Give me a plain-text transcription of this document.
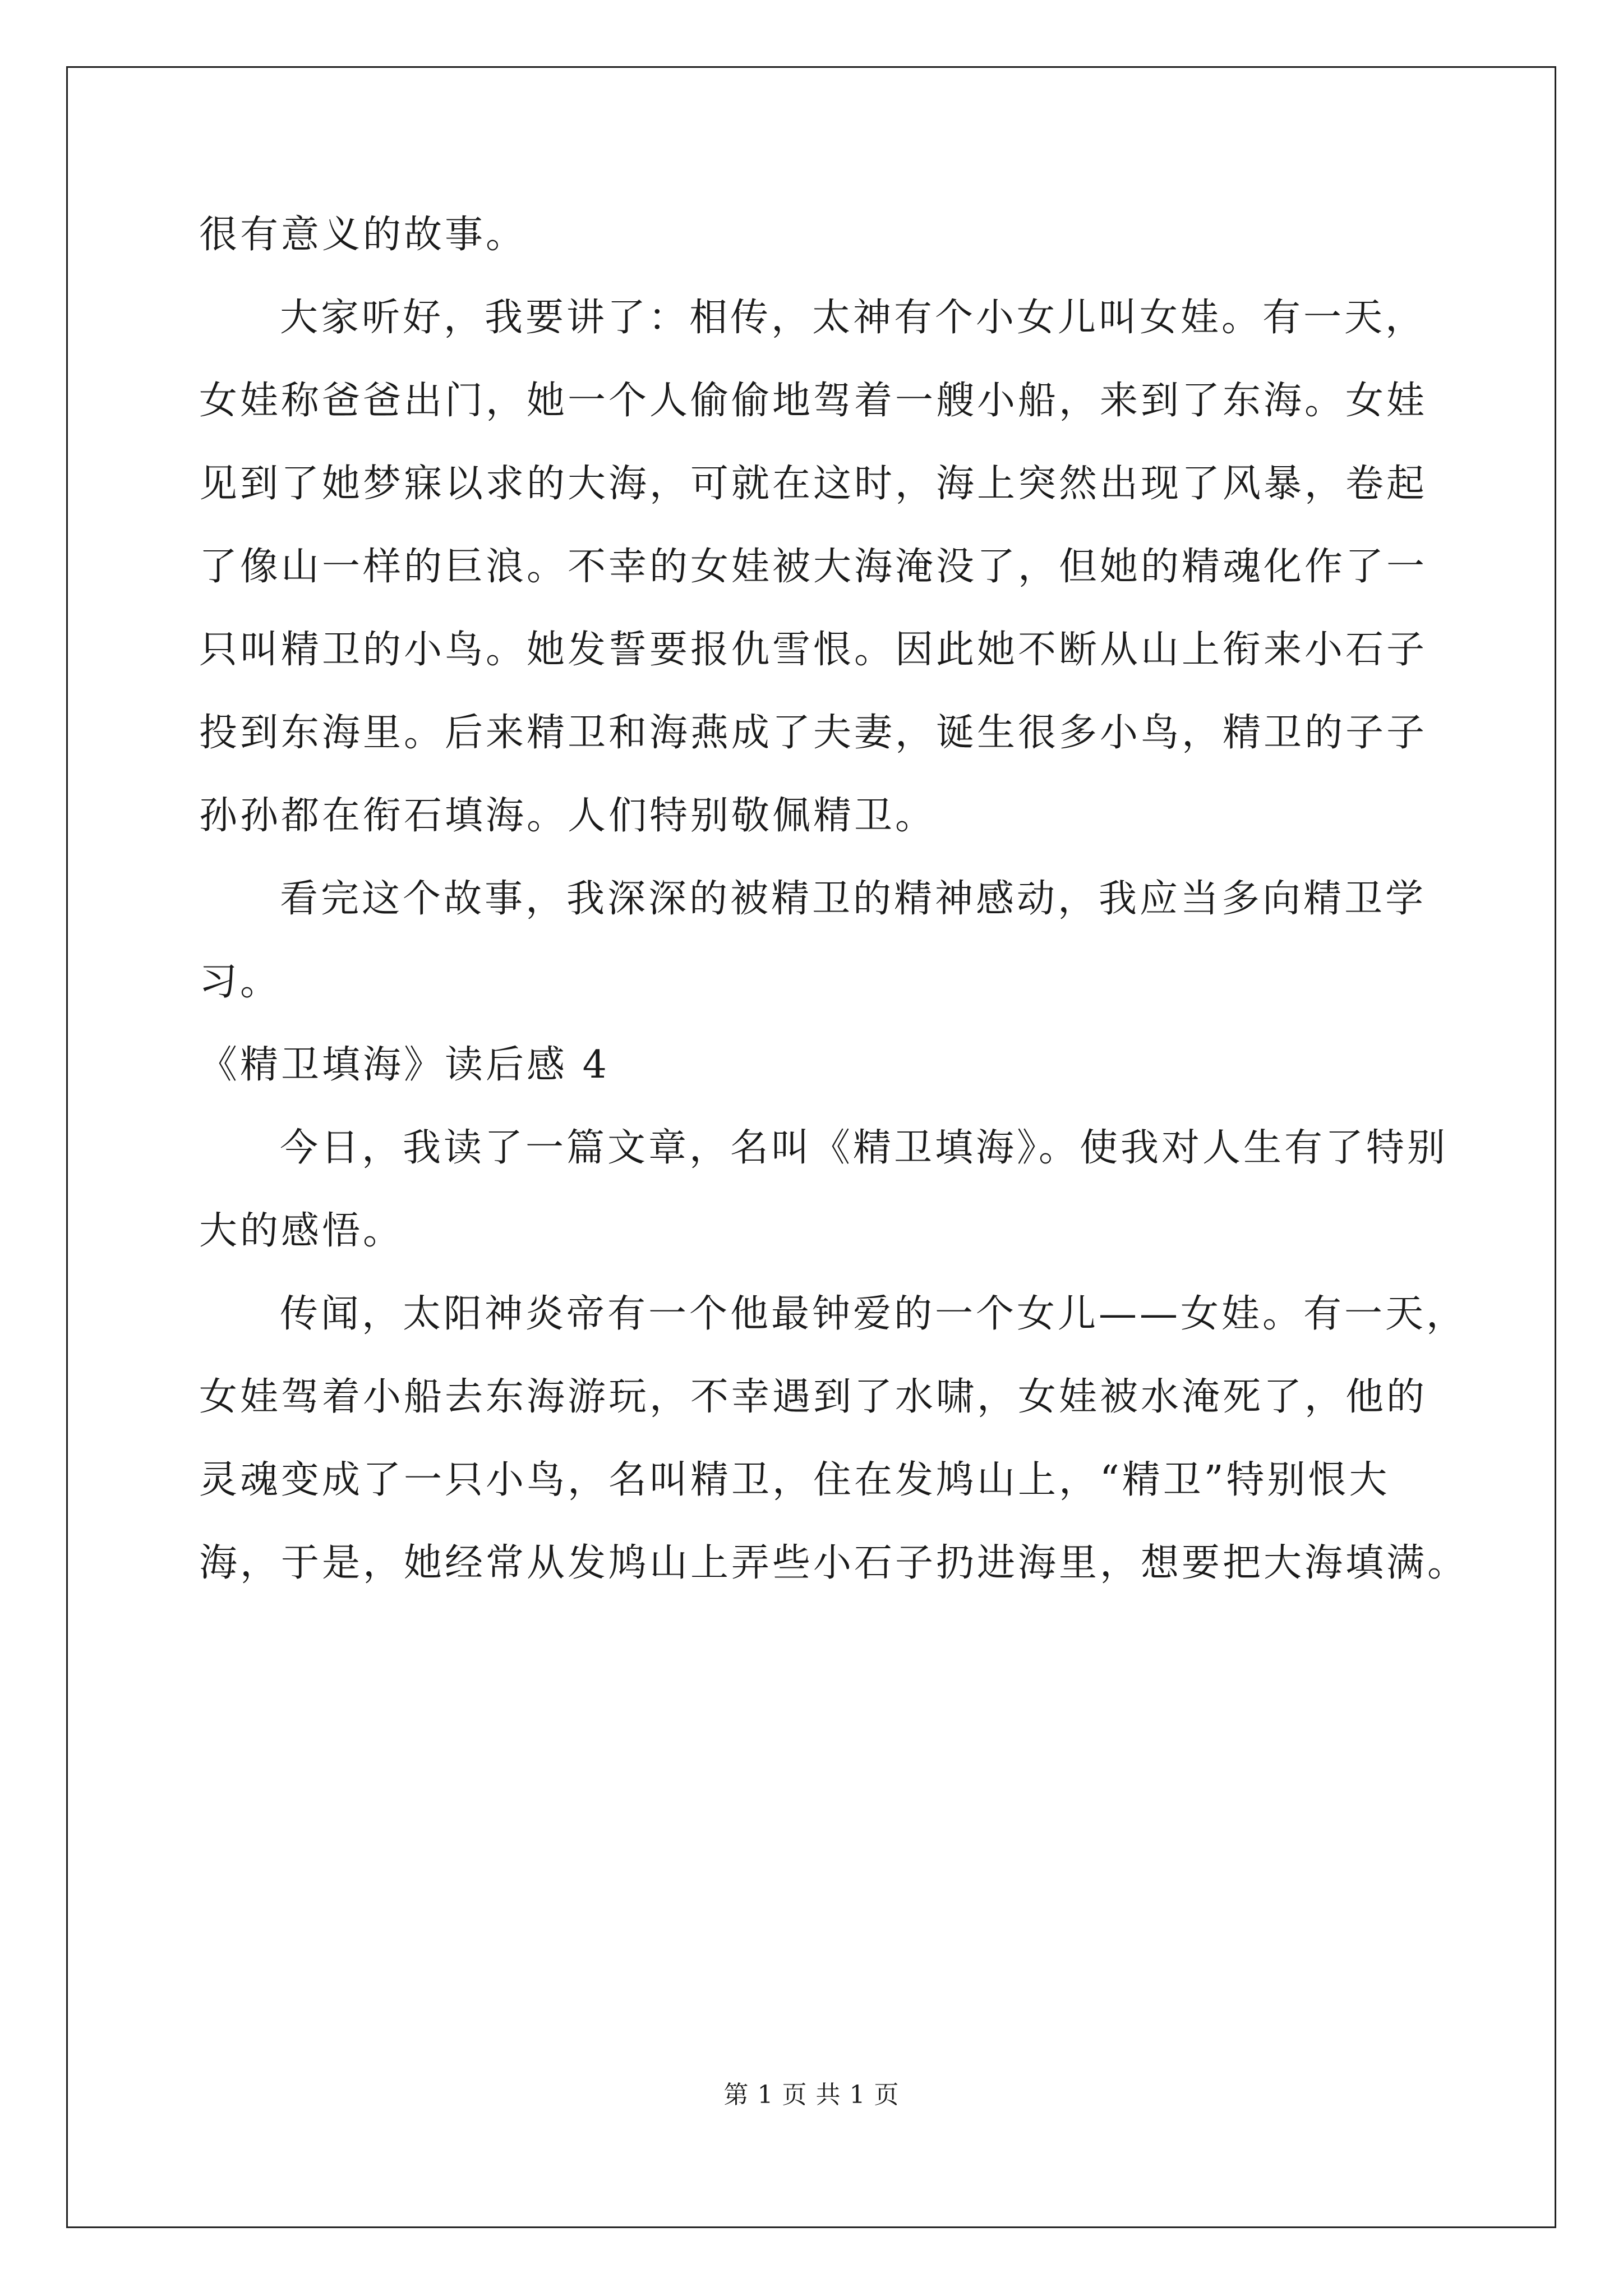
很有意义的故事。
大家听好，我要讲了：相传，太神有个小女儿叫女娃。有一天，
女娃称爸爸出门，她一个人偷偷地驾着一艘小船，来到了东海。女娃
见到了她梦寐以求的大海，可就在这时，海上突然出现了风暴，卷起
了像山一样的巨浪。不幸的女娃被大海淹没了，但她的精魂化作了一
只叫精卫的小鸟。她发誓要报仇雪恨。因此她不断从山上衔来小石子
投到东海里。后来精卫和海燕成了夫妻，诞生很多小鸟，精卫的子子
孙孙都在衔石填海。人们特别敬佩精卫。
看完这个故事，我深深的被精卫的精神感动，我应当多向精卫学
习。
《精卫填海》读后感 4
今日，我读了一篇文章，名叫《精卫填海》。使我对人生有了特别
大的感悟。
传闻，太阳神炎帝有一个他最钟爱的一个女儿——女娃。有一天，
女娃驾着小船去东海游玩，不幸遇到了水啸，女娃被水淹死了，他的
灵魂变成了一只小鸟，名叫精卫，住在发鸠山上，“精卫”特别恨大
海，于是，她经常从发鸠山上弄些小石子扔进海里，想要把大海填满。
第 1 页 共 1 页
